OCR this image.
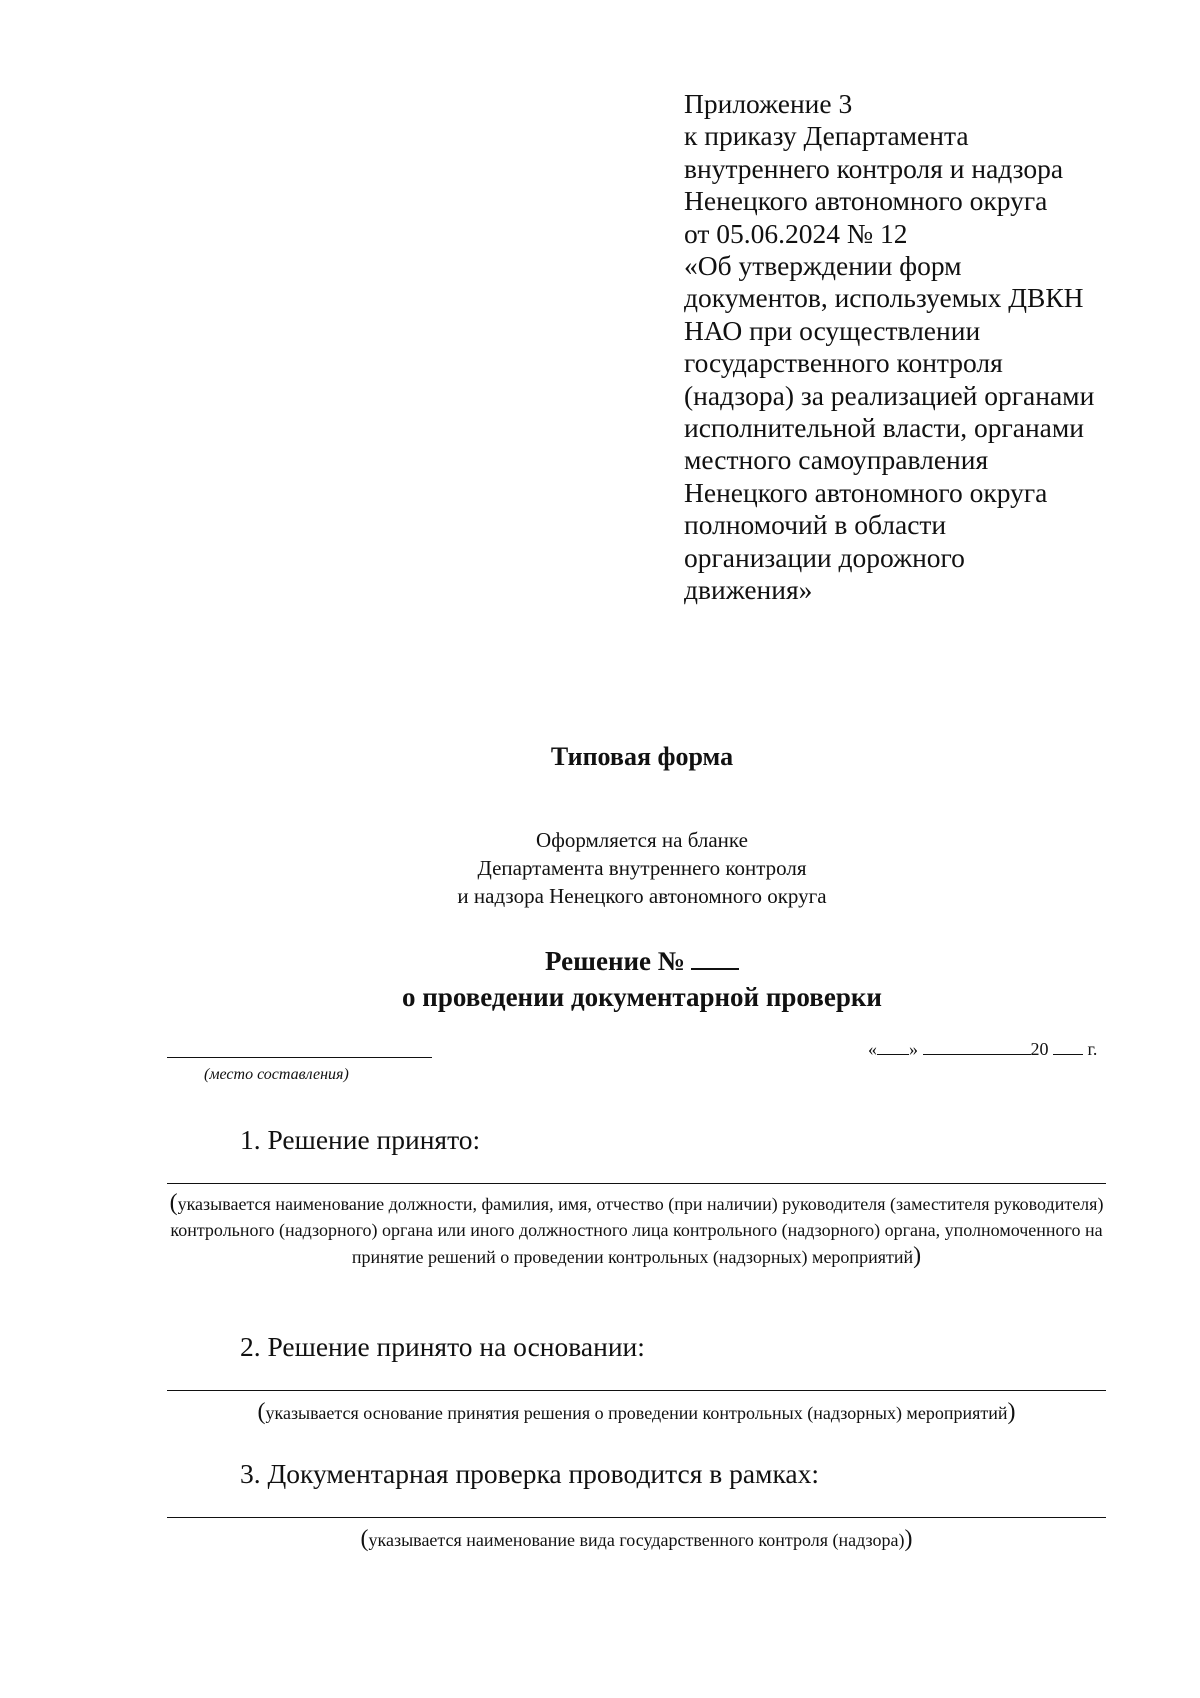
Приложение 3
к приказу Департамента
внутреннего контроля и надзора
Ненецкого автономного округа
от 05.06.2024 № 12
«Об утверждении форм
документов, используемых ДВКН
НАО при осуществлении
государственного контроля
(надзора) за реализацией органами
исполнительной власти, органами
местного самоуправления
Ненецкого автономного округа
полномочий в области
организации дорожного
движения»
Типовая форма
Оформляется на бланке
Департамента внутреннего контроля
и надзора Ненецкого автономного округа
Решение №
о проведении документарной проверки
(место составления)
« »	20 г.
1. Решение принято:
(указывается наименование должности, фамилия, имя, отчество (при наличии) руководителя (заместителя руководителя) контрольного (надзорного) органа или иного должностного лица контрольного (надзорного) органа, уполномоченного на принятие решений о проведении контрольных (надзорных) мероприятий)
2. Решение принято на основании:
(указывается основание принятия решения о проведении контрольных (надзорных) мероприятий)
3. Документарная проверка проводится в рамках:
(указывается наименование вида государственного контроля (надзора))
